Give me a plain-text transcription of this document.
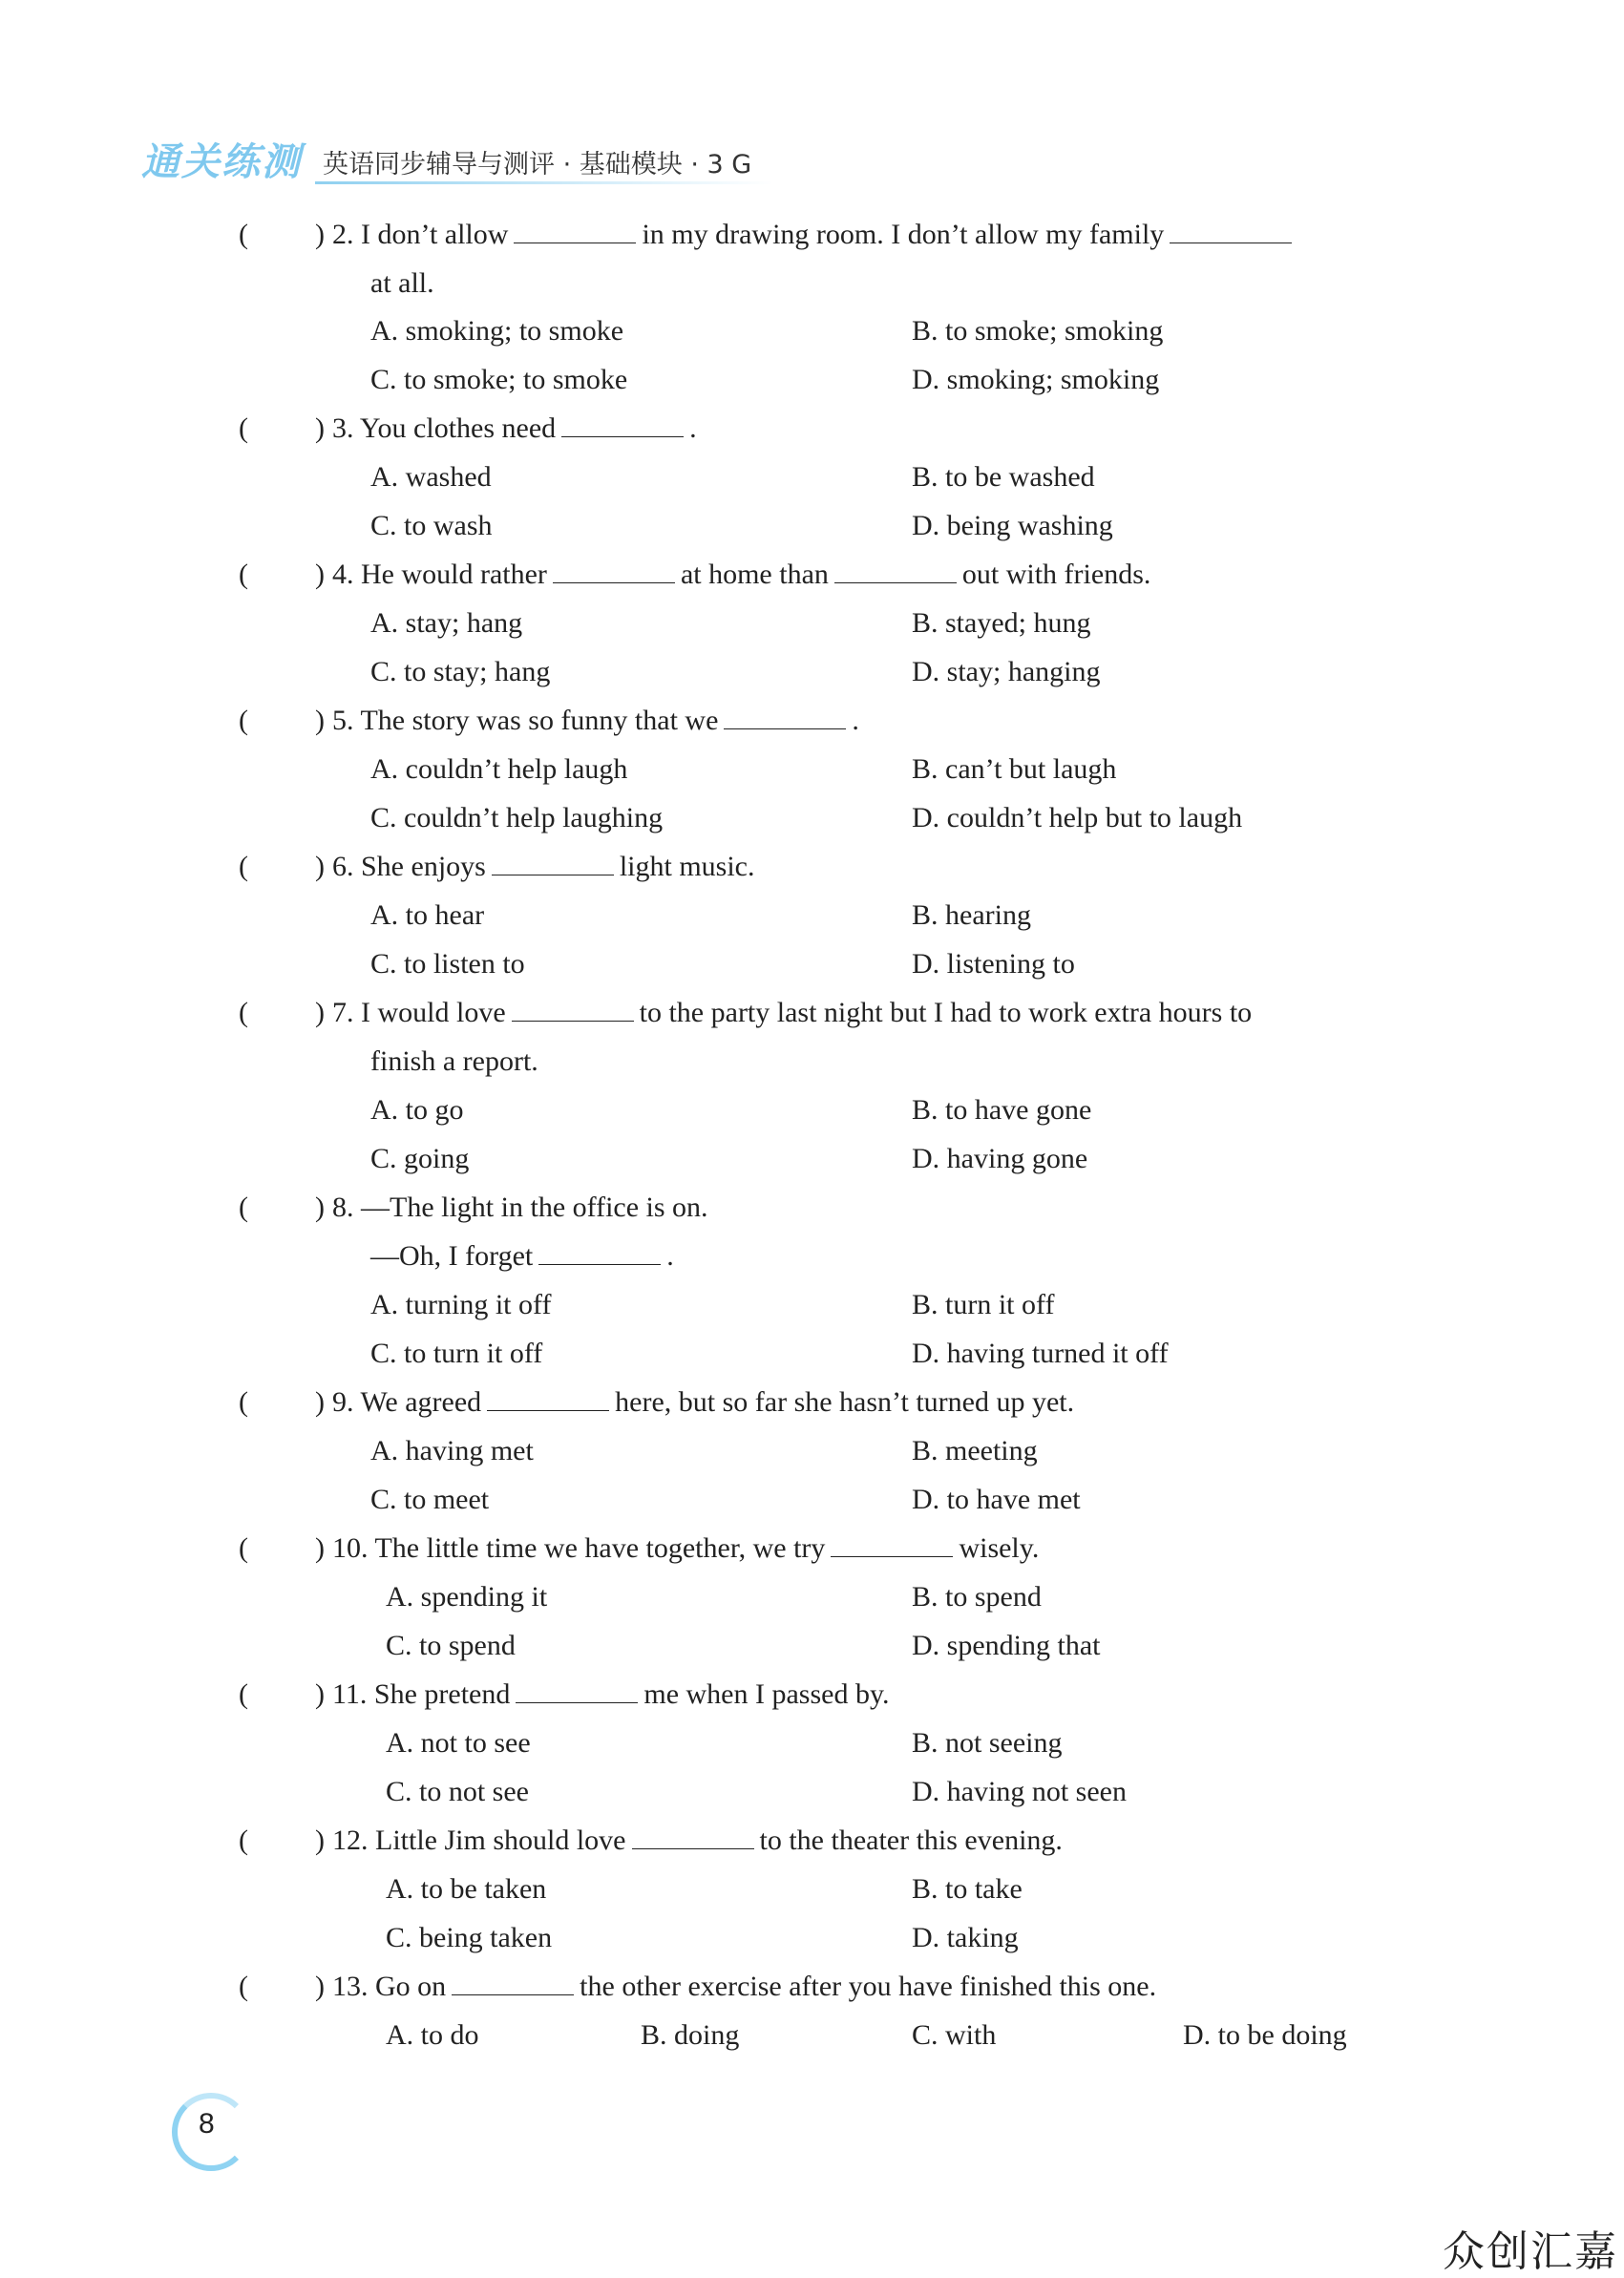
通关练测 英语同步辅导与测评 · 基础模块 · 3 G
( ) 2. I don’t allow	in my drawing room. I don’t allow my family
at all.
A. smoking; to smoke	B. to smoke; smoking
C. to smoke; to smoke	D. smoking; smoking
( ) 3. You clothes need	.
A. washed	B. to be washed
C. to wash	D. being washing
( ) 4. He would rather	at home than	out with friends.
A. stay; hang	B. stayed; hung
C. to stay; hang	D. stay; hanging
( ) 5. The story was so funny that we	.
A. couldn’t help laugh	B. can’t but laugh
C. couldn’t help laughing	D. couldn’t help but to laugh
( ) 6. She enjoys	light music.
A. to hear	B. hearing
C. to listen to	D. listening to
( ) 7. I would love	to the party last night but I had to work extra hours to
finish a report.
A. to go	B. to have gone
C. going	D. having gone
( ) 8. —The light in the office is on.
—Oh, I forget	.
A. turning it off	B. turn it off
C. to turn it off	D. having turned it off
( ) 9. We agreed	here, but so far she hasn’t turned up yet.
A. having met	B. meeting
C. to meet	D. to have met
( ) 10. The little time we have together, we try	wisely.
A. spending it	B. to spend
C. to spend	D. spending that
( ) 11. She pretend	me when I passed by.
A. not to see	B. not seeing
C. to not see	D. having not seen
( ) 12. Little Jim should love	to the theater this evening.
A. to be taken	B. to take
C. being taken	D. taking
( ) 13. Go on	the other exercise after you have finished this one.
A. to do	B. doing	C. with	D. to be doing
8
众创汇嘉
